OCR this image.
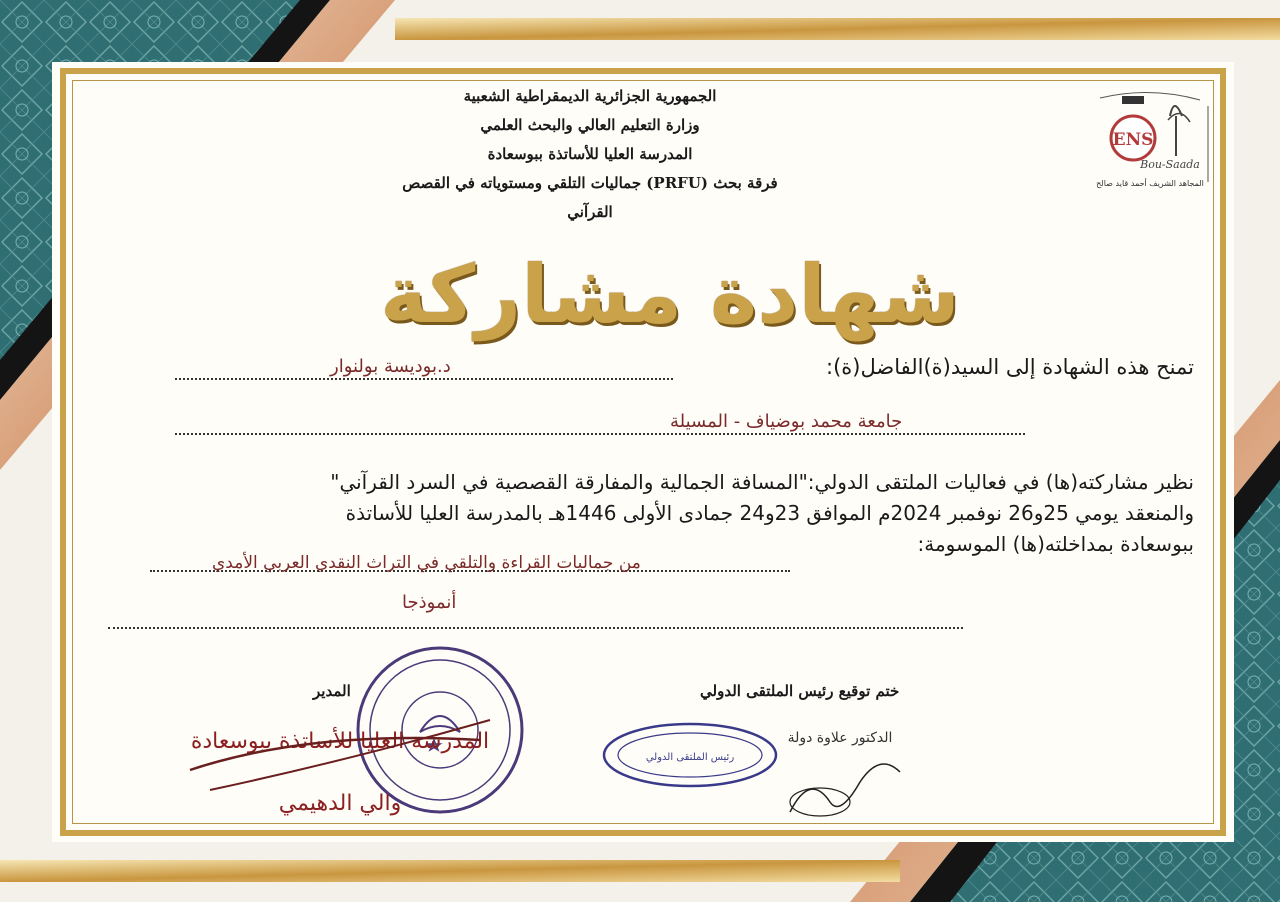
ENS
Bou-Saada
المجاهد الشريف أحمد قايد صالح
الجمهورية الجزائرية الديمقراطية الشعبية
وزارة التعليم العالي والبحث العلمي
المدرسة العليا للأساتذة ببوسعادة
فرقة بحث (PRFU) جماليات التلقي ومستوياته في القصص القرآني
شهادة مشاركة
تمنح هذه الشهادة إلى السيد(ة)الفاضل(ة):
د.بوديسة بولنوار
جامعة محمد بوضياف - المسيلة

نظير مشاركته(ها) في فعاليات الملتقى الدولي:"المسافة الجمالية والمفارقة القصصية في السرد القرآني"

والمنعقد يومي 25و26 نوفمبر 2024م الموافق 23و24 جمادى الأولى 1446هـ بالمدرسة العليا للأساتذة

ببوسعادة بمداخلته(ها) الموسومة:

من جماليات القراءة والتلقي في التراث النقدي العربي الأمدي
أنموذجا
المدير
المدرسة العليا للأساتذة ببوسعادة
والي الدهيمي
ختم توقيع رئيس الملتقى الدولي
رئيس الملتقى الدولي
الدكتور علاوة دولة
